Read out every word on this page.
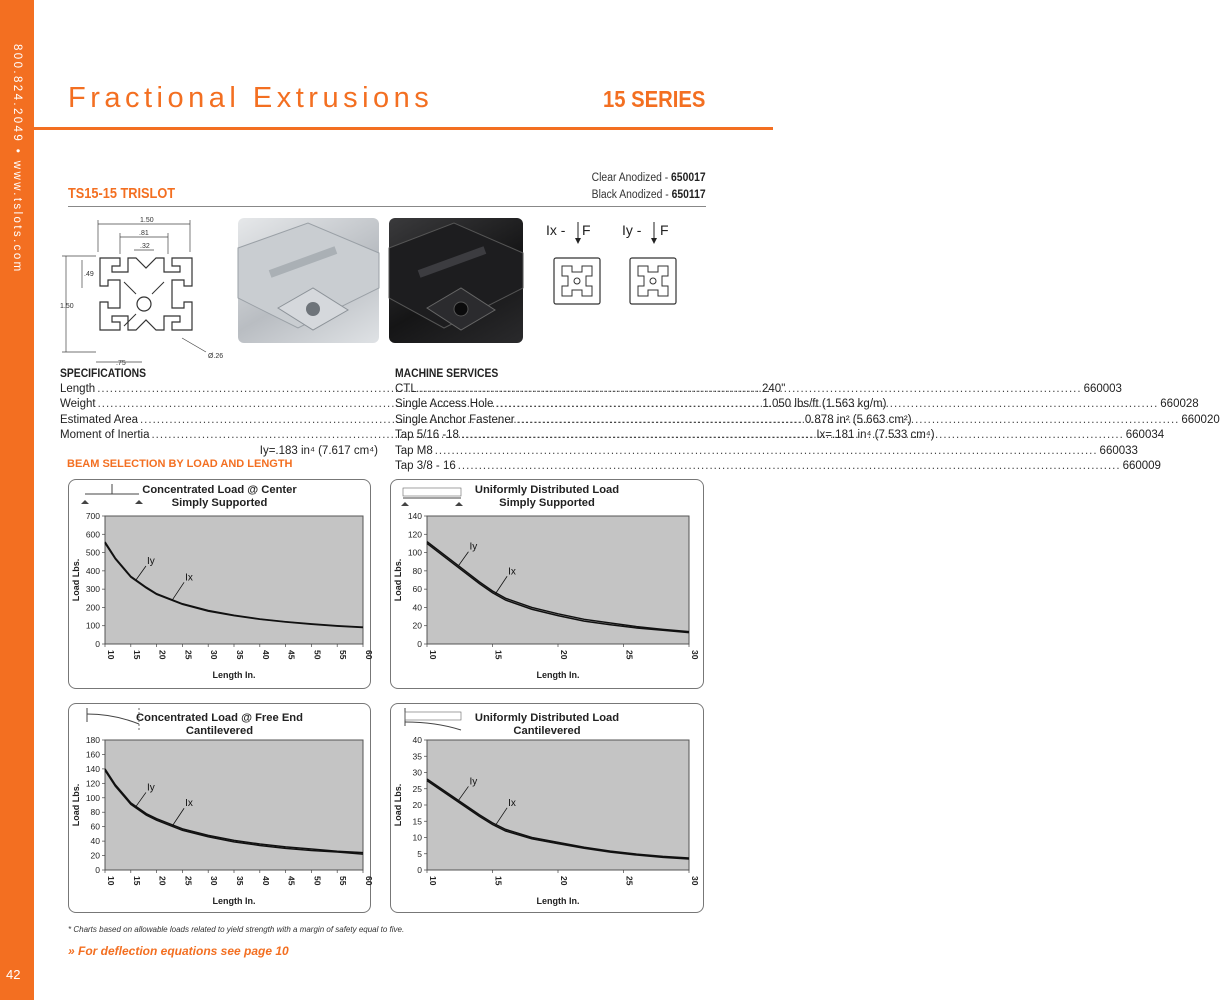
800.824.2049 • www.tslots.com
42
Fractional Extrusions	15 SERIES
TS15-15 TRISLOT
Clear Anodized - 650017
Black Anodized - 650117
1.50
.81
.32
.49
1.50
.75
Ø.26
Ix - F Iy - F
SPECIFICATIONS
Length .....	240"
Weight .....	1.050 lbs/ft (1.563 kg/m)
Estimated Area .....	0.878 in² (5.663 cm²)
Moment of Inertia .....	Ix=.181 in⁴ (7.533 cm⁴)
Iy=.183 in⁴ (7.617 cm⁴)
MACHINE SERVICES
CTL .....	660003
Single Access Hole .....	660028
Single Anchor Fastener .....	660020
Tap 5/16 -18 .....	660034
Tap M8 .....	660033
Tap 3/8 - 16 .....	660009
BEAM SELECTION BY LOAD AND LENGTH
Concentrated Load @ Center
Simply Supported
0
100
200
300
400
500
600
700
10 15 20 25 30 35 40 45 50 55 60
Length In.
Load Lbs.	Iy
Ix
Uniformly Distributed Load
Simply Supported
0
20
40
60
80
100
120
140
10	15	20	25	30
Length In.
Load Lbs.
Iy
Ix
Concentrated Load @ Free End
Cantilevered
0
20
40
60
80
100
120
140
160
180
10 15 20 25 30 35 40 45 50 55 60
Length In.
Load Lbs.	Iy
Ix
Uniformly Distributed Load
Cantilevered
0
5
10
15
20
25
30
35
40
10	15	20	25	30
Length In.
Load Lbs.
Iy
Ix
* Charts based on allowable loads related to yield strength with a margin of safety equal to five.
» For deflection equations see page 10
